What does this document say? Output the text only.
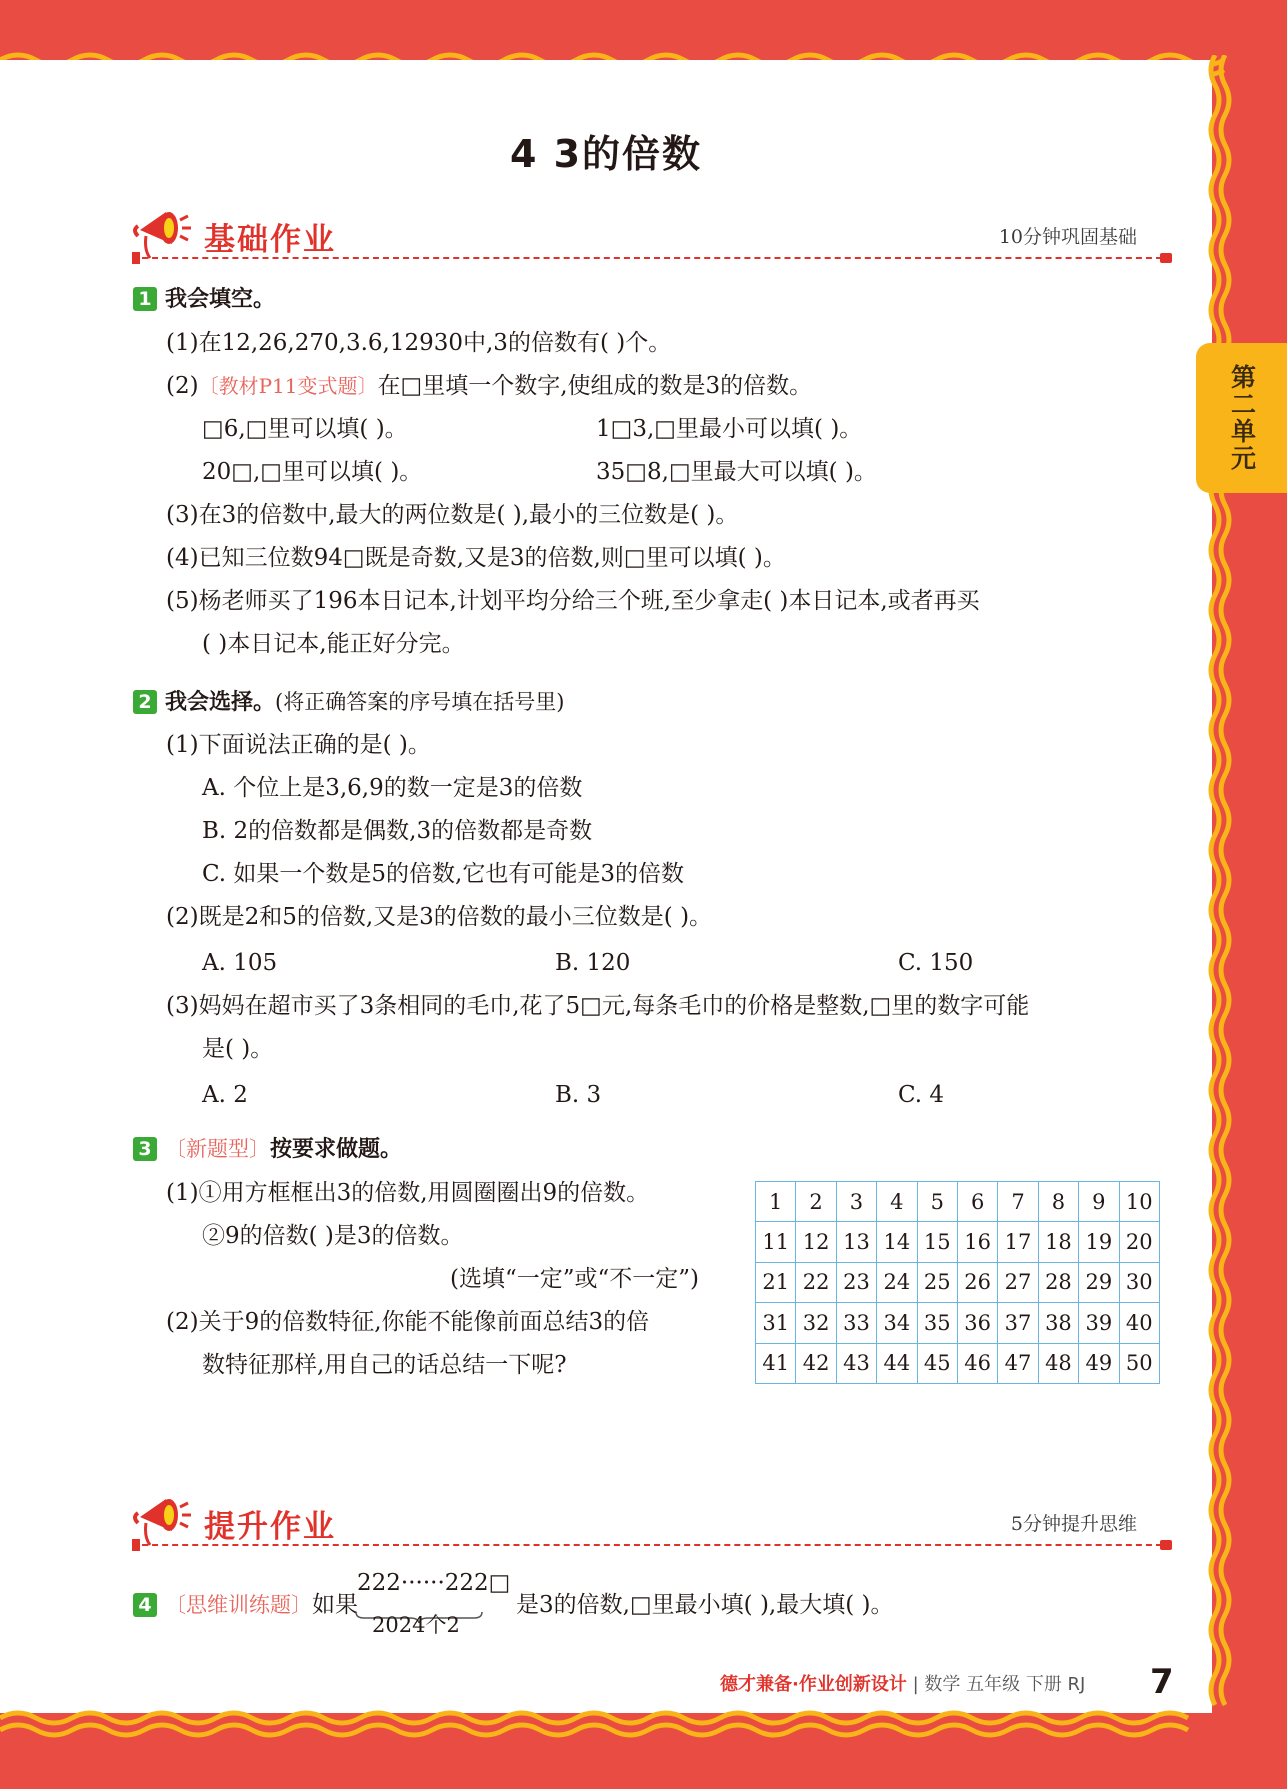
第二单元
4 3的倍数
基础作业	10分钟巩固基础
1 我会填空。
(1)在12,26,270,3.6,12930中,3的倍数有( )个。
(2)〔教材P11变式题〕在□里填一个数字,使组成的数是3的倍数。
□6,□里可以填( )。	1□3,□里最小可以填( )。
20□,□里可以填( )。	35□8,□里最大可以填( )。
(3)在3的倍数中,最大的两位数是( ),最小的三位数是( )。
(4)已知三位数94□既是奇数,又是3的倍数,则□里可以填( )。
(5)杨老师买了196本日记本,计划平均分给三个班,至少拿走( )本日记本,或者再买
( )本日记本,能正好分完。
2 我会选择。(将正确答案的序号填在括号里)
(1)下面说法正确的是( )。
A. 个位上是3,6,9的数一定是3的倍数
B. 2的倍数都是偶数,3的倍数都是奇数
C. 如果一个数是5的倍数,它也有可能是3的倍数
(2)既是2和5的倍数,又是3的倍数的最小三位数是( )。
A. 105	B. 120	C. 150
(3)妈妈在超市买了3条相同的毛巾,花了5□元,每条毛巾的价格是整数,□里的数字可能
是( )。
A. 2	B. 3	C. 4
3 〔新题型〕按要求做题。
(1)①用方框框出3的倍数,用圆圈圈出9的倍数。
②9的倍数( )是3的倍数。
(选填“一定”或“不一定”)
(2)关于9的倍数特征,你能不能像前面总结3的倍
数特征那样,用自己的话总结一下呢?
1	2	3	4	5	6	7	8	9	10
11	12	13	14	15	16	17	18	19	20
21	22	23	24	25	26	27	28	29	30
31	32	33	34	35	36	37	38	39	40
41	42	43	44	45	46	47	48	49	50
提升作业	5分钟提升思维
4 〔思维训练题〕如果
222······222□
2024个2
是3的倍数,□里最小填( ),最大填( )。
德才兼备·作业创新设计 | 数学 五年级 下册 RJ 7
